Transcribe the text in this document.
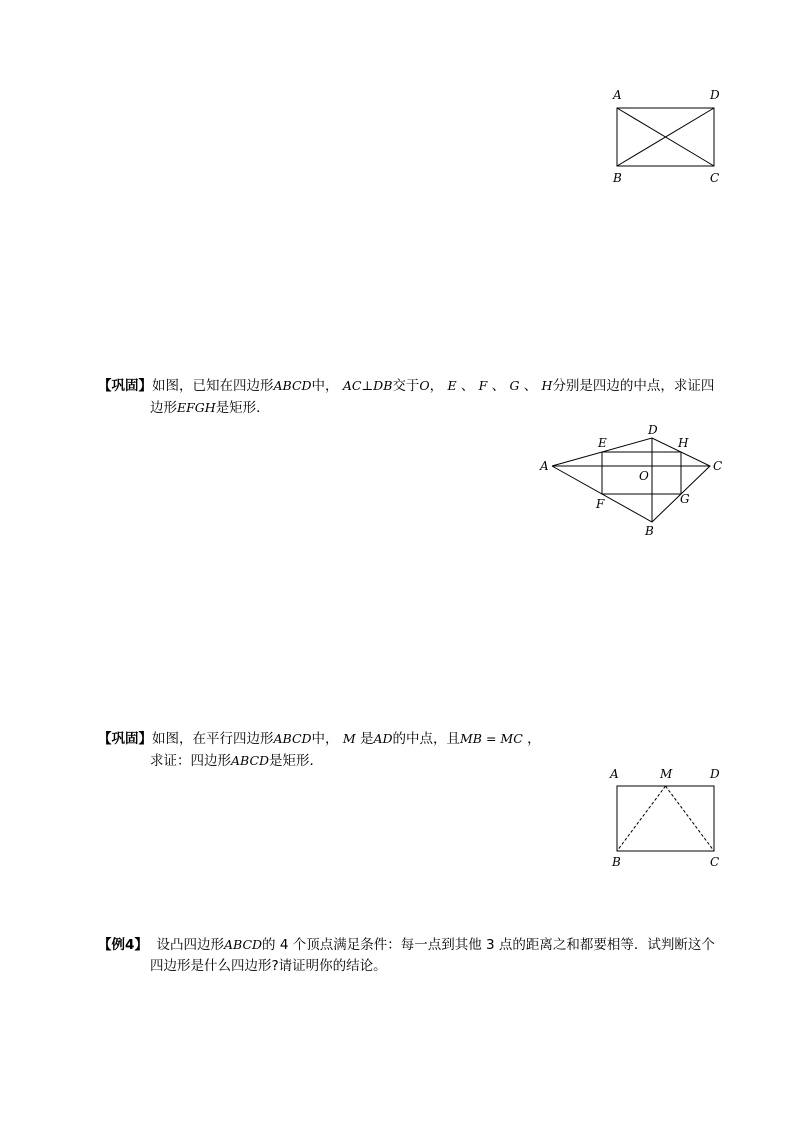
A	D
B	C
【巩固】如图，已知在四边形ABCD中， AC⊥DB交于O， E 、 F 、 G 、 H分别是四边的中点，求证四
边形EFGH是矩形．
D
E	H
A	C
O
F	G
B
【巩固】如图，在平行四边形ABCD中， M 是AD的中点，且MB = MC ，
求证：四边形ABCD是矩形．
A	M	D
B	C
【例4】 设凸四边形ABCD的 4 个顶点满足条件：每一点到其他 3 点的距离之和都要相等．试判断这个
四边形是什么四边形?请证明你的结论。
